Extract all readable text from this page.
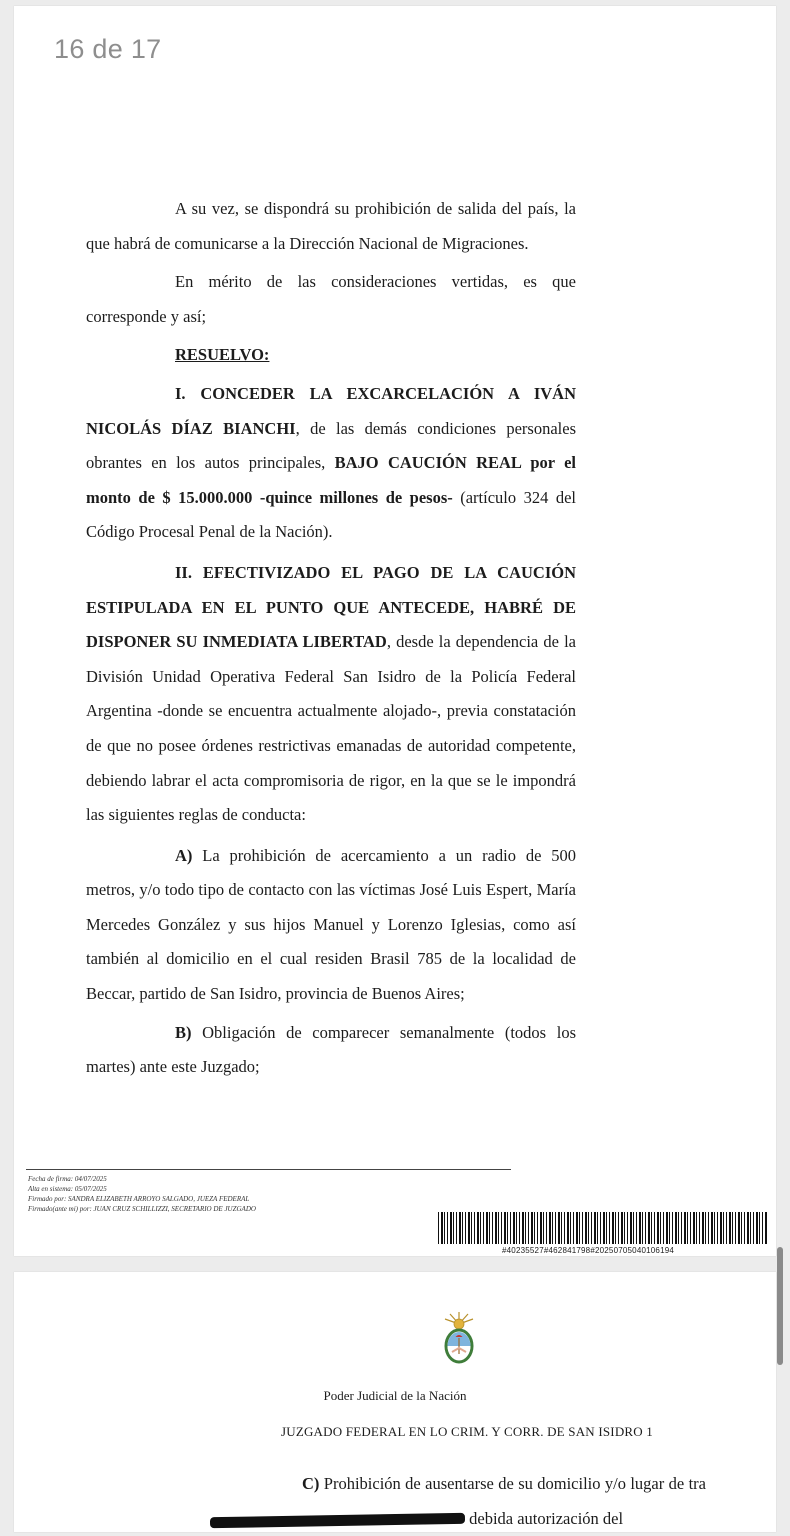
16 de 17

A su vez, se dispondrá su prohibición de salida del país, la que habrá de comunicarse a la Dirección Nacional de Migraciones.

En mérito de las consideraciones vertidas, es que corresponde y así;

RESUELVO:

I. CONCEDER LA EXCARCELACIÓN A IVÁN NICOLÁS DÍAZ BIANCHI, de las demás condiciones personales obrantes en los autos principales, BAJO CAUCIÓN REAL por el monto de $ 15.000.000 -quince millones de pesos- (artículo 324 del Código Procesal Penal de la Nación).

II. EFECTIVIZADO EL PAGO DE LA CAUCIÓN ESTIPULADA EN EL PUNTO QUE ANTECEDE, HABRÉ DE DISPONER SU INMEDIATA LIBERTAD, desde la dependencia de la División Unidad Operativa Federal San Isidro de la Policía Federal Argentina -donde se encuentra actualmente alojado-, previa constatación de que no posee órdenes restrictivas emanadas de autoridad competente, debiendo labrar el acta compromisoria de rigor, en la que se le impondrá las siguientes reglas de conducta:

A) La prohibición de acercamiento a un radio de 500 metros, y/o todo tipo de contacto con las víctimas José Luis Espert, María Mercedes González y sus hijos Manuel y Lorenzo Iglesias, como así también al domicilio en el cual residen Brasil 785 de la localidad de Beccar, partido de San Isidro, provincia de Buenos Aires;

B) Obligación de comparecer semanalmente (todos los martes) ante este Juzgado;

Fecha de firma: 04/07/2025
Alta en sistema: 05/07/2025
Firmado por: SANDRA ELIZABETH ARROYO SALGADO, JUEZA FEDERAL
Firmado(ante mi) por: JUAN CRUZ SCHILLIZZI, SECRETARIO DE JUZGADO
#40235527#462841798#20250705040106194
Poder Judicial de la Nación
JUZGADO FEDERAL EN LO CRIM. Y CORR. DE SAN ISIDRO 1

C) Prohibición de ausentarse de su domicilio y/o lugar de tra debida autorización del
